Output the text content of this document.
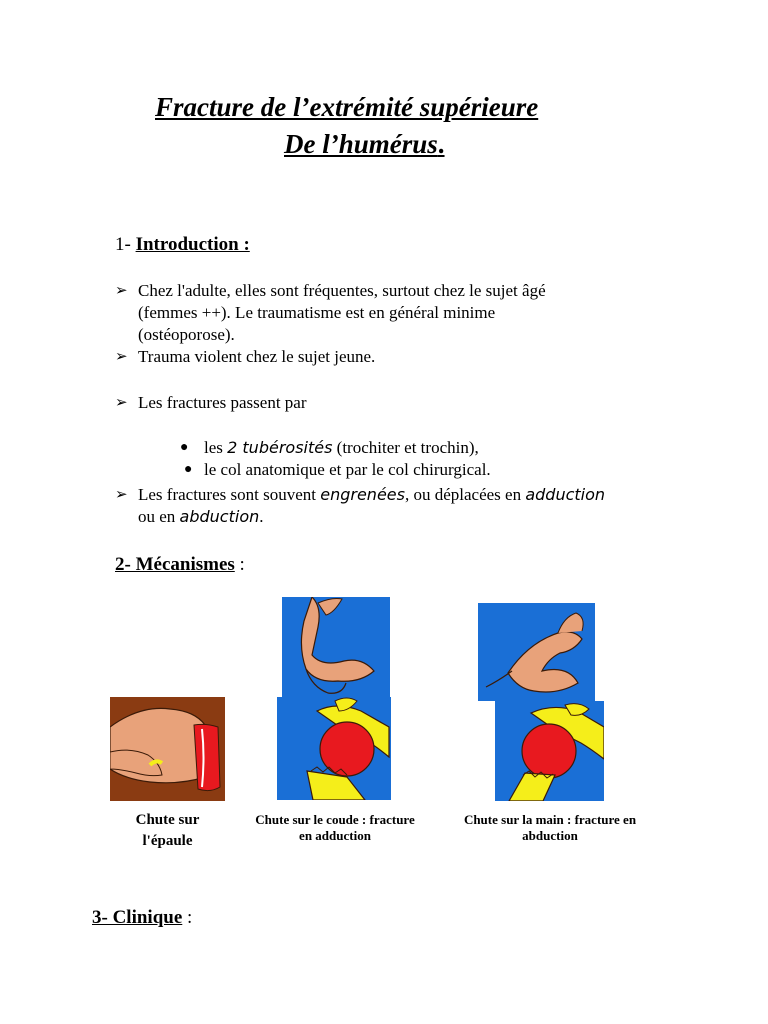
Fracture de l’extrémité supérieure
De l’humérus.
1- Introduction :
➢ Chez l'adulte, elles sont fréquentes, surtout chez le sujet âgé
(femmes ++). Le traumatisme est en général minime
(ostéoporose).
➢ Trauma violent chez le sujet jeune.
➢ Les fractures passent par
● les 2 tubérosités (trochiter et trochin),
● le col anatomique et par le col chirurgical.
➢ Les fractures sont souvent engrenées, ou déplacées en adduction
ou en abduction.
2- Mécanismes :
Chute sur
l'épaule
Chute sur le coude : fracture
en adduction
Chute sur la main : fracture en
abduction
3- Clinique :
